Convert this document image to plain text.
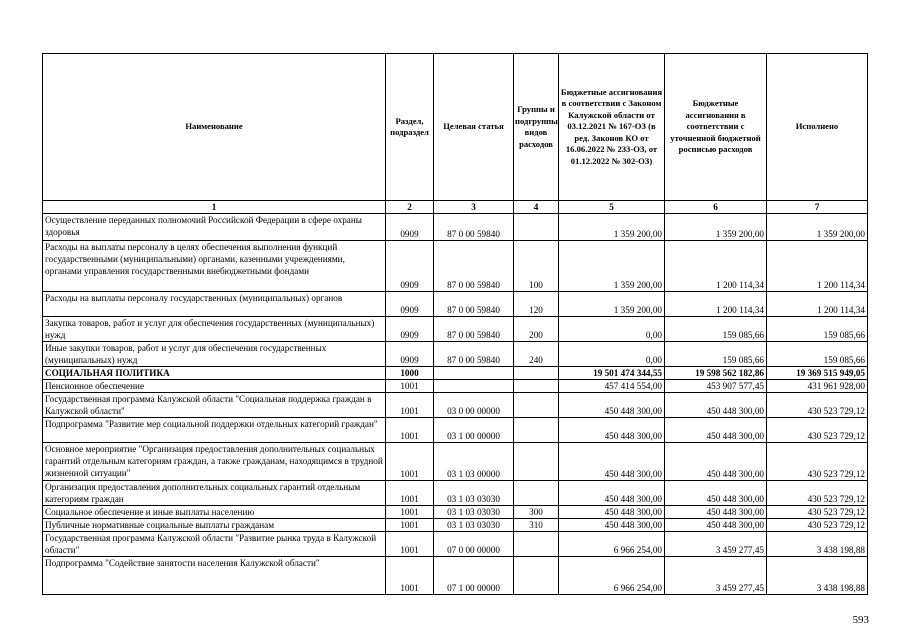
Наименование	Раздел, подраздел	Целевая статья	Группы и подгруппы видов расходов	Бюджетные ассигнования в соответствии с Законом Калужской области от 03.12.2021 № 167-ОЗ (в ред. Законов КО от 16.06.2022 № 233-ОЗ, от 01.12.2022 № 302-ОЗ)	Бюджетные ассигнования в соответствии с уточненной бюджетной росписью расходов	Исполнено
1	2	3	4	5	6	7
Осуществление переданных полномочий Российской Федерации в сфере охраны здоровья	0909	87 0 00 59840		1 359 200,00	1 359 200,00	1 359 200,00
Расходы на выплаты персоналу в целях обеспечения выполнения функций государственными (муниципальными) органами, казенными учреждениями, органами управления государственными внебюджетными фондами	0909	87 0 00 59840	100	1 359 200,00	1 200 114,34	1 200 114,34
Расходы на выплаты персоналу государственных (муниципальных) органов	0909	87 0 00 59840	120	1 359 200,00	1 200 114,34	1 200 114,34
Закупка товаров, работ и услуг для обеспечения государственных (муниципальных) нужд	0909	87 0 00 59840	200	0,00	159 085,66	159 085,66
Иные закупки товаров, работ и услуг для обеспечения государственных (муниципальных) нужд	0909	87 0 00 59840	240	0,00	159 085,66	159 085,66
СОЦИАЛЬНАЯ ПОЛИТИКА	1000			19 501 474 344,55	19 598 562 182,86	19 369 515 949,05
Пенсионное обеспечение	1001			457 414 554,00	453 907 577,45	431 961 928,00
Государственная программа Калужской области "Социальная поддержка граждан в Калужской области"	1001	03 0 00 00000		450 448 300,00	450 448 300,00	430 523 729,12
Подпрограмма "Развитие мер социальной поддержки отдельных категорий граждан"	1001	03 1 00 00000		450 448 300,00	450 448 300,00	430 523 729,12
Основное мероприятие "Организация предоставления дополнительных социальных гарантий отдельным категориям граждан, а также гражданам, находящимся в трудной жизненной ситуации"	1001	03 1 03 00000		450 448 300,00	450 448 300,00	430 523 729,12
Организация предоставления дополнительных социальных гарантий отдельным категориям граждан	1001	03 1 03 03030		450 448 300,00	450 448 300,00	430 523 729,12
Социальное обеспечение и иные выплаты населению	1001	03 1 03 03030	300	450 448 300,00	450 448 300,00	430 523 729,12
Публичные нормативные социальные выплаты гражданам	1001	03 1 03 03030	310	450 448 300,00	450 448 300,00	430 523 729,12
Государственная программа Калужской области "Развитие рынка труда в Калужской области"	1001	07 0 00 00000		6 966 254,00	3 459 277,45	3 438 198,88
Подпрограмма "Содействие занятости населения Калужской области"	1001	07 1 00 00000		6 966 254,00	3 459 277,45	3 438 198,88
593
